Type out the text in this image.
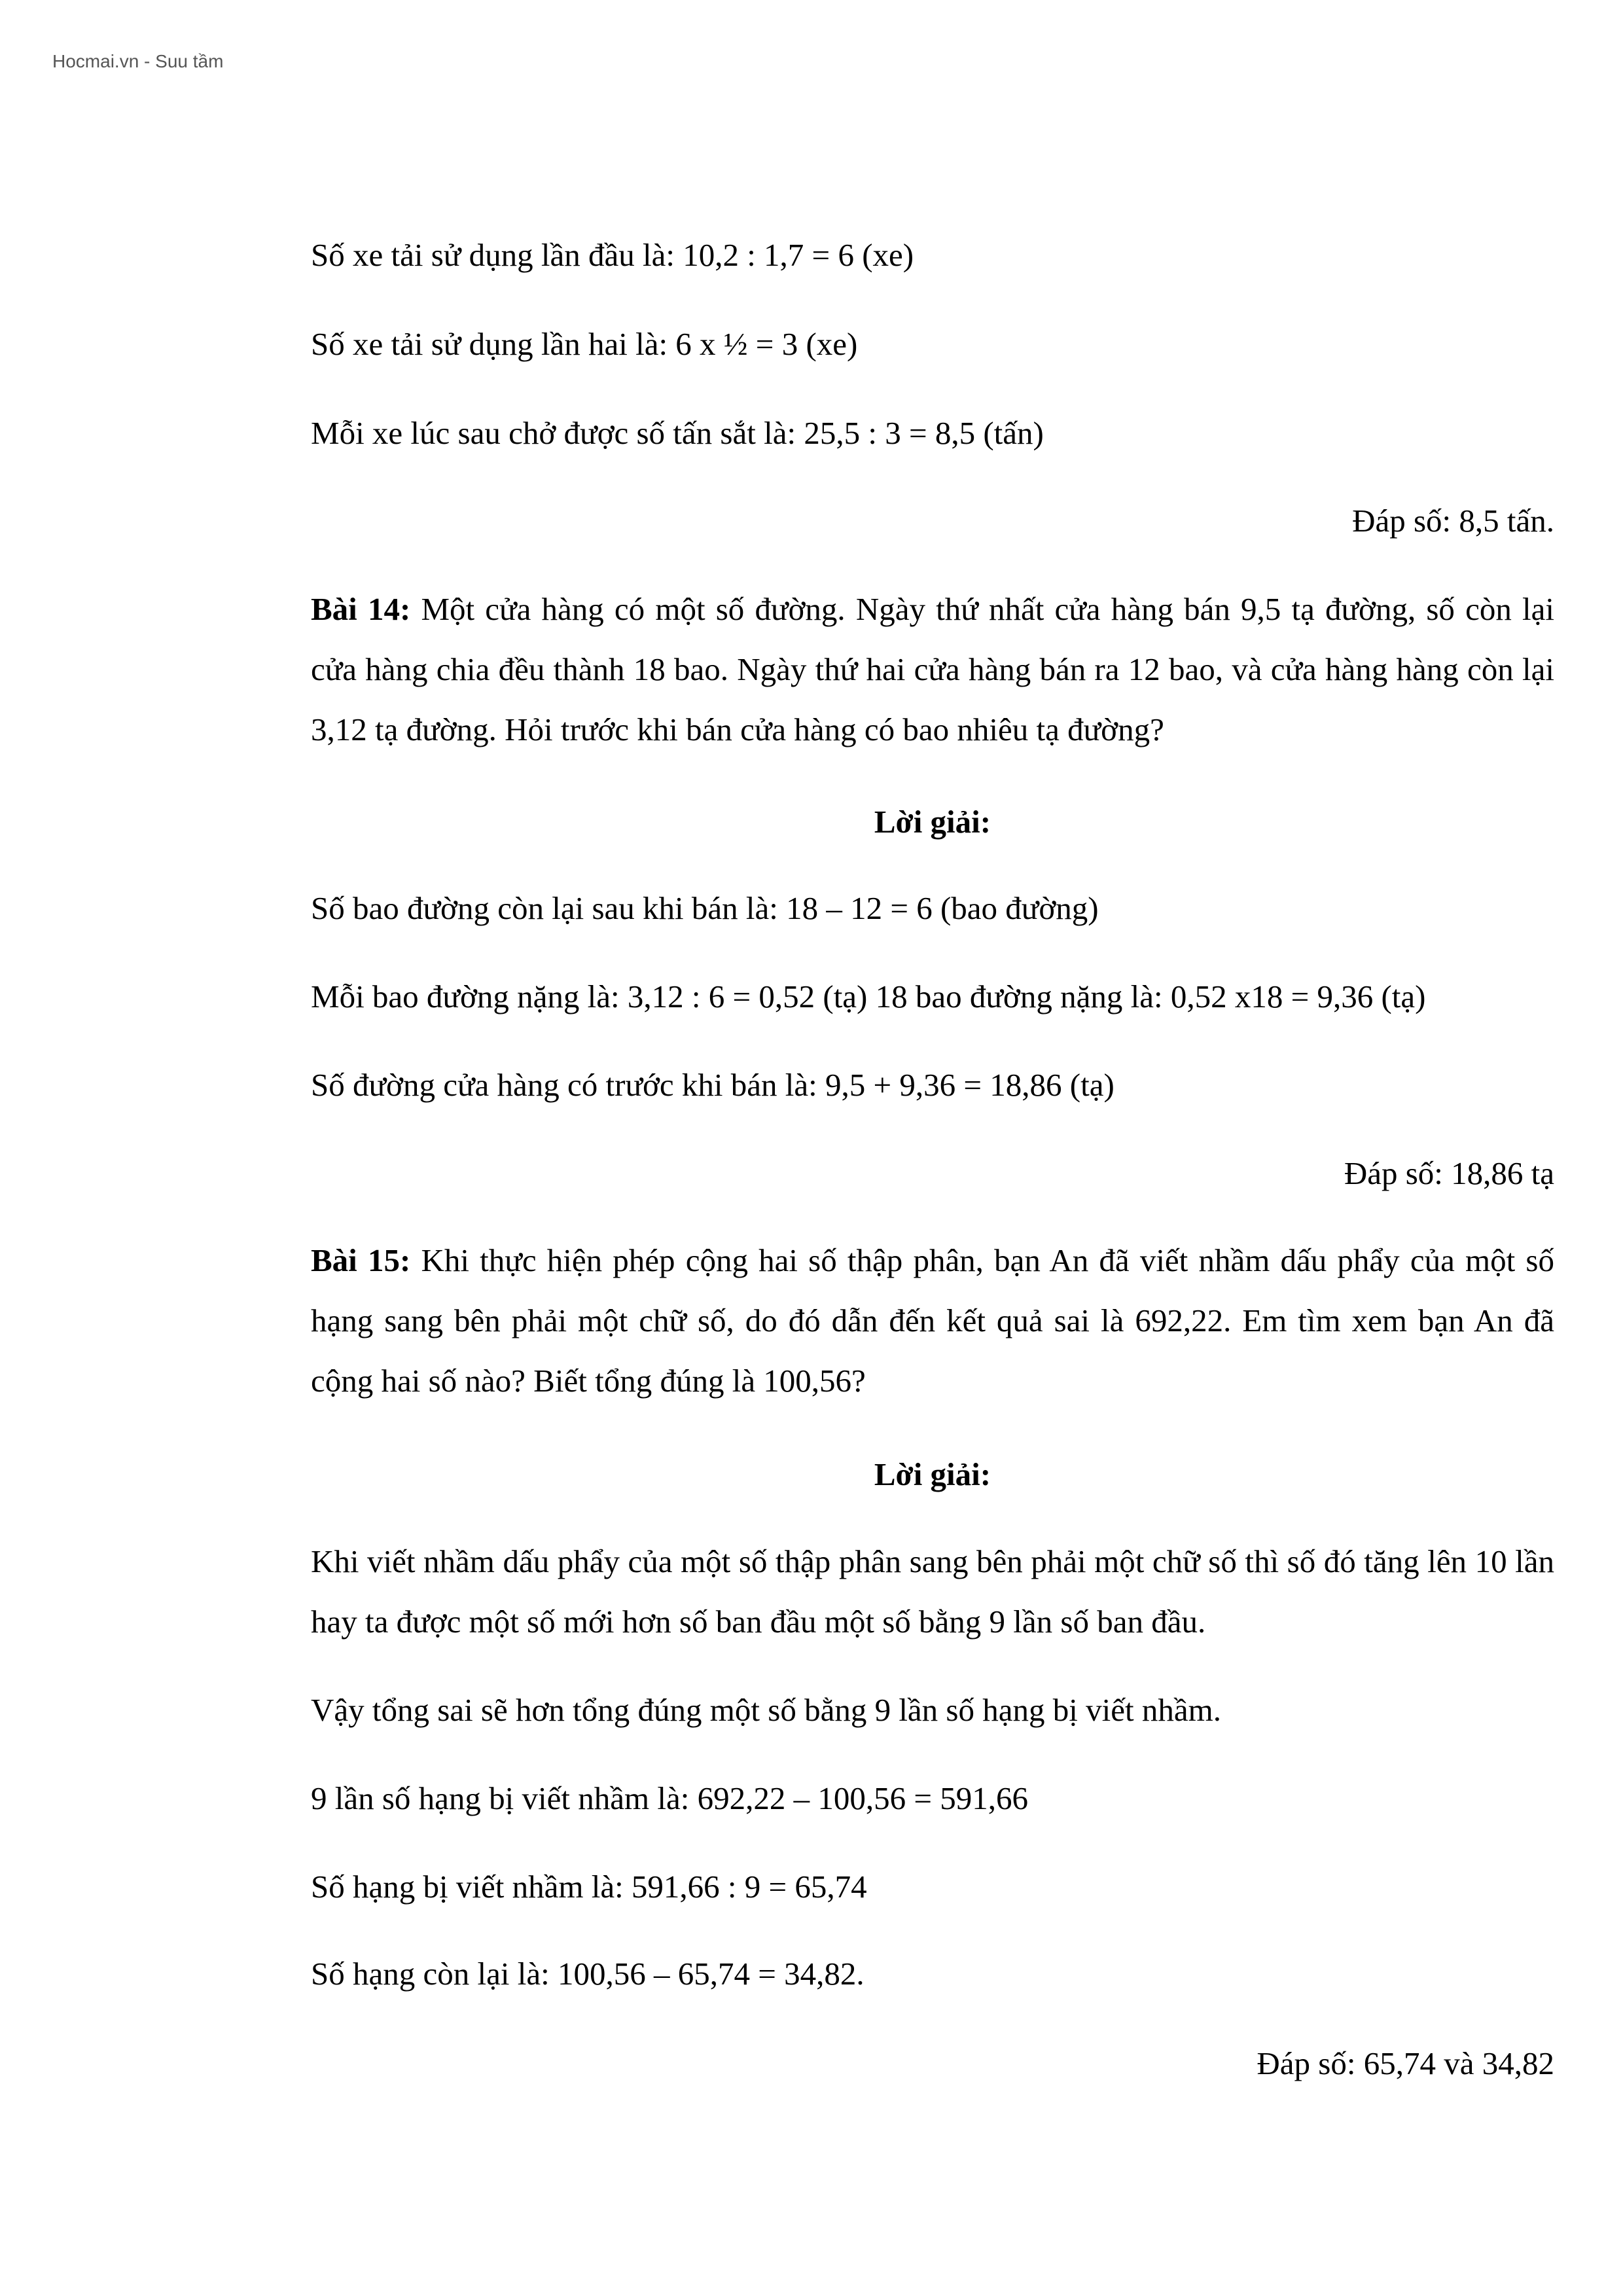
Hocmai.vn - Suu tầm
Số xe tải sử dụng lần đầu là: 10,2 : 1,7 = 6 (xe)
Số xe tải sử dụng lần hai là: 6 x ½ = 3 (xe)
Mỗi xe lúc sau chở được số tấn sắt là: 25,5 : 3 = 8,5 (tấn)
Đáp số: 8,5 tấn.
Bài 14: Một cửa hàng có một số đường. Ngày thứ nhất cửa hàng bán 9,5 tạ đường, số còn lại cửa hàng chia đều thành 18 bao. Ngày thứ hai cửa hàng bán ra 12 bao, và cửa hàng hàng còn lại 3,12 tạ đường. Hỏi trước khi bán cửa hàng có bao nhiêu tạ đường?
Lời giải:
Số bao đường còn lại sau khi bán là: 18 – 12 = 6 (bao đường)
Mỗi bao đường nặng là: 3,12 : 6 = 0,52 (tạ) 18 bao đường nặng là: 0,52 x18 = 9,36 (tạ)
Số đường cửa hàng có trước khi bán là: 9,5 + 9,36 = 18,86 (tạ)
Đáp số: 18,86 tạ
Bài 15: Khi thực hiện phép cộng hai số thập phân, bạn An đã viết nhầm dấu phẩy của một số hạng sang bên phải một chữ số, do đó dẫn đến kết quả sai là 692,22. Em tìm xem bạn An đã cộng hai số nào? Biết tổng đúng là 100,56?
Lời giải:
Khi viết nhầm dấu phẩy của một số thập phân sang bên phải một chữ số thì số đó tăng lên 10 lần hay ta được một số mới hơn số ban đầu một số bằng 9 lần số ban đầu.
Vậy tổng sai sẽ hơn tổng đúng một số bằng 9 lần số hạng bị viết nhầm.
9 lần số hạng bị viết nhầm là: 692,22 – 100,56 = 591,66
Số hạng bị viết nhầm là: 591,66 : 9 = 65,74
Số hạng còn lại là: 100,56 – 65,74 = 34,82.
Đáp số: 65,74 và 34,82
